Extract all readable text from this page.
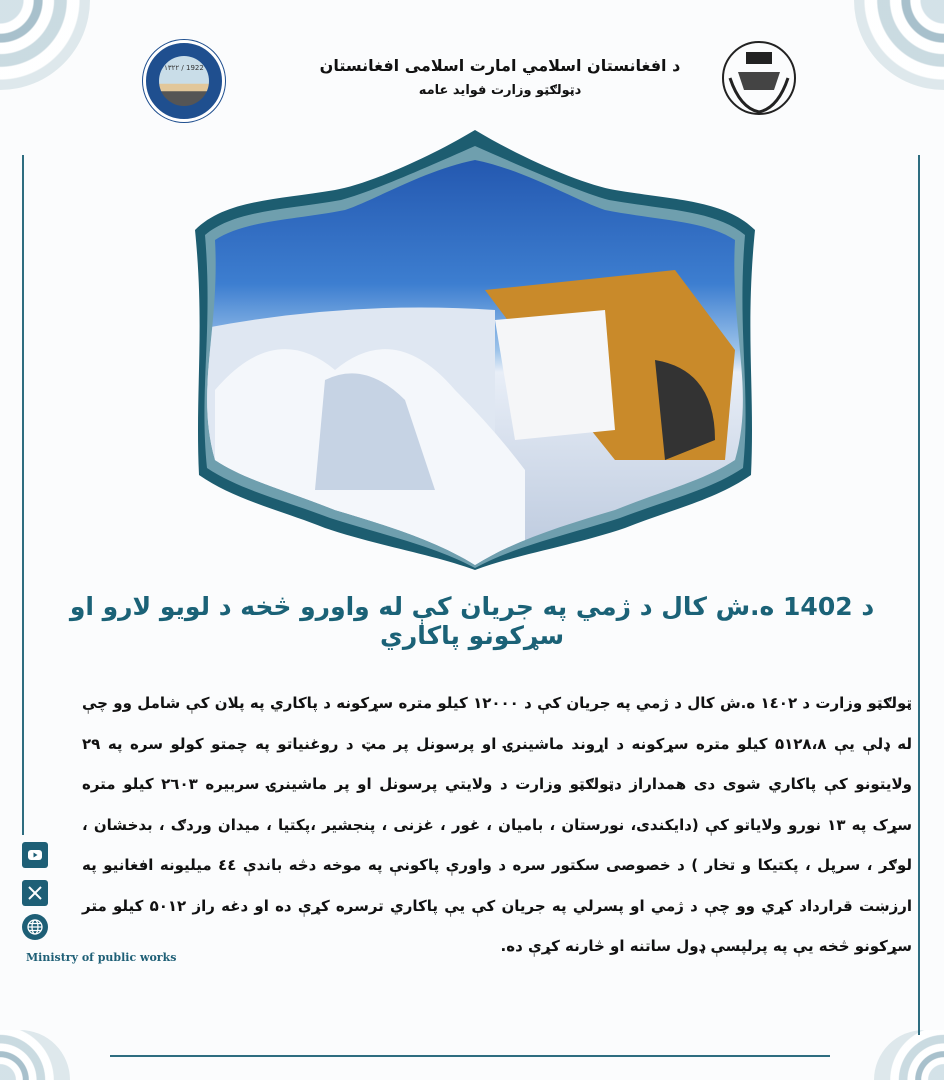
۱۳۲۲ / 1922	د افغانستان اسلامي امارت اسلامی افغانستان
دټولګټو وزارت فواید عامه
د 1402 ه.ش کال د ژمي په جریان کې له واورو څخه د لویو لارو او سړکونو پاکاري
ټولګټو وزارت د ۱٤٠۲ ه.ش کال د ژمي په جریان کې د ۱۲۰۰۰ کیلو متره سړکونه د پاکاري په پلان کې شامل وو چې له ډلې یې ۵۱۲۸،۸ کیلو متره سړکونه د اړوند ماشینرۍ او پرسونل پر مټ د روغنیاتو په چمتو کولو سره په ۲۹ ولایتونو کې پاکاري شوی دی همداراز دټولګټو وزارت د ولایتي پرسونل او پر ماشینرۍ سربیره ۲٦۰۳ کیلو متره سړک په ۱۳ نورو ولایاتو کې (دایکندی، نورستان ، بامیان ، غور ، غزنی ، پنجشیر ،پکتیا ، میدان وردګ ، بدخشان ، لوګر ، سرپل ، پکتیکا و تخار ) د خصوصی سکتور سره د واورې پاکونې په موخه دڅه باندې ٤٤ میلیونه افغانیو په ارزښت قرارداد کړي وو چې د ژمي او پسرلي په جریان کې یې پاکاري ترسره کړې ده او دغه راز ۵۰۱۲ کیلو متر سړکونو څخه یې په پرلپسې ډول ساتنه او څارنه کړې ده.
Ministry of public works
